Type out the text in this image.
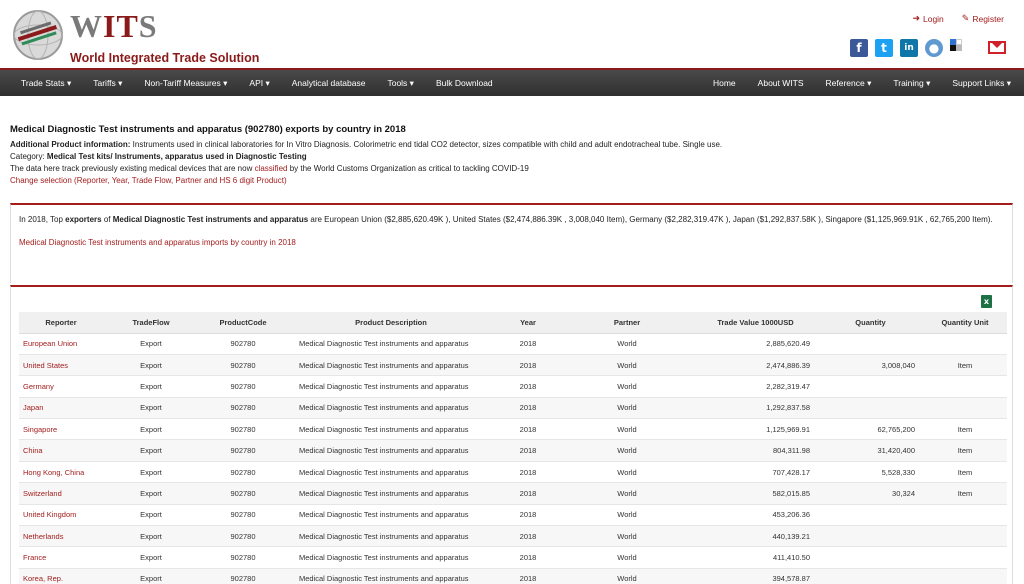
WITS
World Integrated Trade Solution
➜ Login ✎ Register
f	t	in	●
Trade Stats ▾	Tariffs ▾	Non-Tariff Measures ▾	API ▾	Analytical database	Tools ▾	Bulk Download	Home	About WITS	Reference ▾	Training ▾	Support Links ▾
Medical Diagnostic Test instruments and apparatus (902780) exports by country in 2018
Additional Product information: Instruments used in clinical laboratories for In Vitro Diagnosis. Colorimetric end tidal CO2 detector, sizes compatible with child and adult endotracheal tube. Single use.
Category: Medical Test kits/ Instruments, apparatus used in Diagnostic Testing
The data here track previously existing medical devices that are now classified by the World Customs Organization as critical to tackling COVID-19
Change selection (Reporter, Year, Trade Flow, Partner and HS 6 digit Product)
In 2018, Top exporters of Medical Diagnostic Test instruments and apparatus are European Union ($2,885,620.49K ), United States ($2,474,886.39K , 3,008,040 Item), Germany ($2,282,319.47K ), Japan ($1,292,837.58K ), Singapore ($1,125,969.91K , 62,765,200 Item).
Medical Diagnostic Test instruments and apparatus imports by country in 2018
x
Reporter	TradeFlow	ProductCode	Product Description	Year	Partner	Trade Value 1000USD	Quantity	Quantity Unit
European Union	Export	902780	Medical Diagnostic Test instruments and apparatus	2018	World	2,885,620.49		
United States	Export	902780	Medical Diagnostic Test instruments and apparatus	2018	World	2,474,886.39	3,008,040	Item
Germany	Export	902780	Medical Diagnostic Test instruments and apparatus	2018	World	2,282,319.47		
Japan	Export	902780	Medical Diagnostic Test instruments and apparatus	2018	World	1,292,837.58		
Singapore	Export	902780	Medical Diagnostic Test instruments and apparatus	2018	World	1,125,969.91	62,765,200	Item
China	Export	902780	Medical Diagnostic Test instruments and apparatus	2018	World	804,311.98	31,420,400	Item
Hong Kong, China	Export	902780	Medical Diagnostic Test instruments and apparatus	2018	World	707,428.17	5,528,330	Item
Switzerland	Export	902780	Medical Diagnostic Test instruments and apparatus	2018	World	582,015.85	30,324	Item
United Kingdom	Export	902780	Medical Diagnostic Test instruments and apparatus	2018	World	453,206.36		
Netherlands	Export	902780	Medical Diagnostic Test instruments and apparatus	2018	World	440,139.21		
France	Export	902780	Medical Diagnostic Test instruments and apparatus	2018	World	411,410.50		
Korea, Rep.	Export	902780	Medical Diagnostic Test instruments and apparatus	2018	World	394,578.87		
